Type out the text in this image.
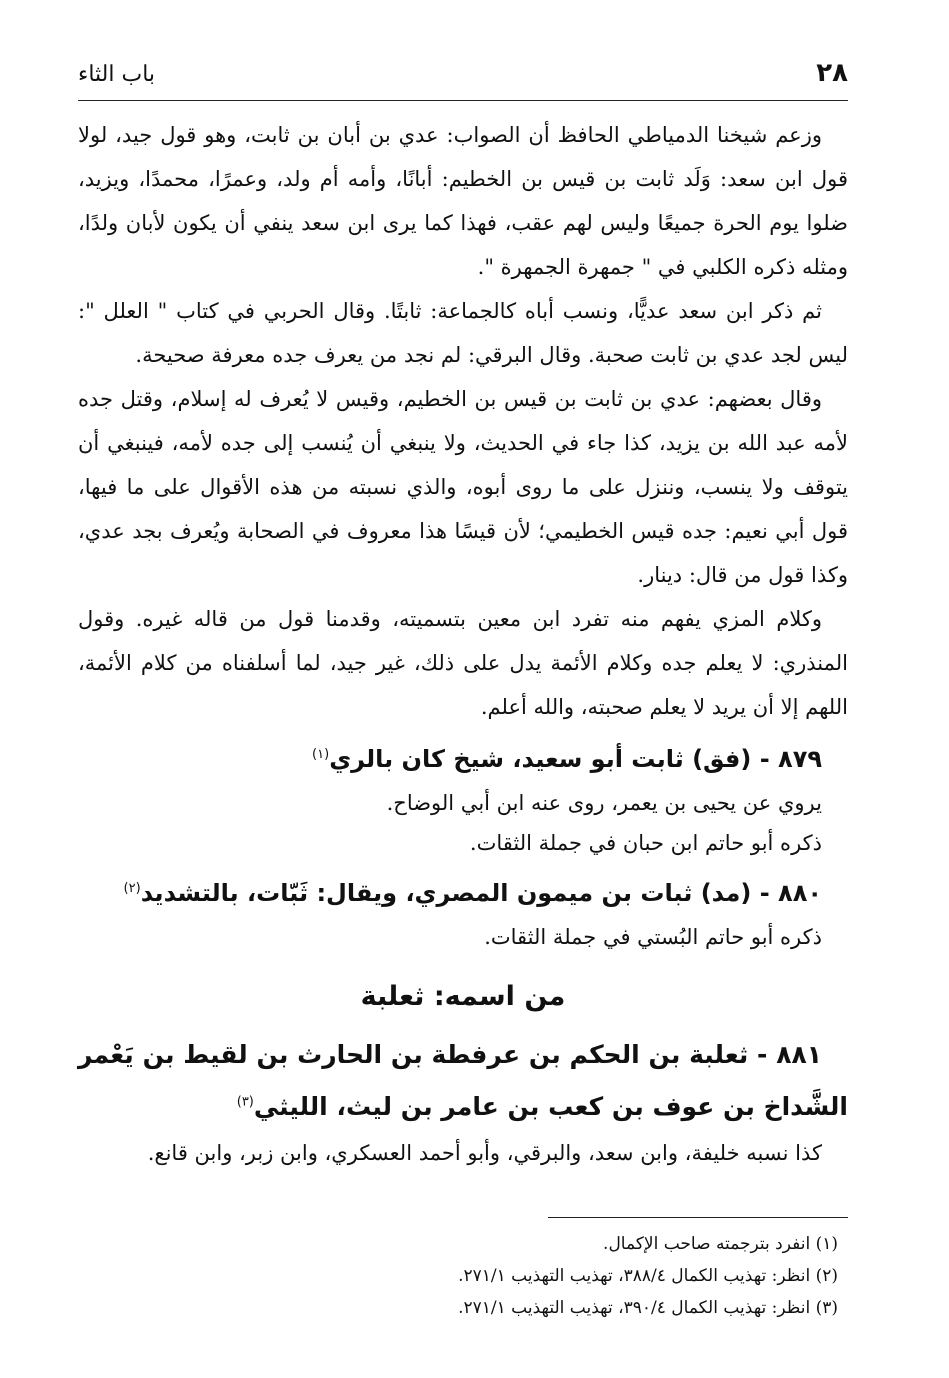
٢٨
باب الثاء

وزعم شيخنا الدمياطي الحافظ أن الصواب: عدي بن أبان بن ثابت، وهو قول جيد، لولا قول ابن سعد: وَلَد ثابت بن قيس بن الخطيم: أبانًا، وأمه أم ولد، وعمرًا، محمدًا، ويزيد، ضلوا يوم الحرة جميعًا وليس لهم عقب، فهذا كما يرى ابن سعد ينفي أن يكون لأبان ولدًا، ومثله ذكره الكلبي في " جمهرة الجمهرة ".

ثم ذكر ابن سعد عديًّا، ونسب أباه كالجماعة: ثابتًا. وقال الحربي في كتاب " العلل ": ليس لجد عدي بن ثابت صحبة. وقال البرقي: لم نجد من يعرف جده معرفة صحيحة.

وقال بعضهم: عدي بن ثابت بن قيس بن الخطيم، وقيس لا يُعرف له إسلام، وقتل جده لأمه عبد الله بن يزيد، كذا جاء في الحديث، ولا ينبغي أن يُنسب إلى جده لأمه، فينبغي أن يتوقف ولا ينسب، وننزل على ما روى أبوه، والذي نسبته من هذه الأقوال على ما فيها، قول أبي نعيم: جده قيس الخطيمي؛ لأن قيسًا هذا معروف في الصحابة ويُعرف بجد عدي، وكذا قول من قال: دينار.

وكلام المزي يفهم منه تفرد ابن معين بتسميته، وقدمنا قول من قاله غيره. وقول المنذري: لا يعلم جده وكلام الأئمة يدل على ذلك، غير جيد، لما أسلفناه من كلام الأئمة، اللهم إلا أن يريد لا يعلم صحبته، والله أعلم.

٨٧٩ - (فق) ثابت أبو سعيد، شيخ كان بالري$^{(١)}$

يروي عن يحيى بن يعمر، روى عنه ابن أبي الوضاح.

ذكره أبو حاتم ابن حبان في جملة الثقات.

٨٨٠ - (مد) ثبات بن ميمون المصري، ويقال: ثَبّات، بالتشديد$^{(٢)}$

ذكره أبو حاتم البُستي في جملة الثقات.

من اسمه: ثعلبة
٨٨١ - ثعلبة بن الحكم بن عرفطة بن الحارث بن لقيط بن يَعْمر الشَّداخ بن عوف بن كعب بن عامر بن ليث، الليثي$^{(٣)}$

كذا نسبه خليفة، وابن سعد، والبرقي، وأبو أحمد العسكري، وابن زبر، وابن قانع.

(١) انفرد بترجمته صاحب الإكمال.

(٢) انظر: تهذيب الكمال ٣٨٨/٤، تهذيب التهذيب ٢٧١/١.

(٣) انظر: تهذيب الكمال ٣٩٠/٤، تهذيب التهذيب ٢٧١/١.
